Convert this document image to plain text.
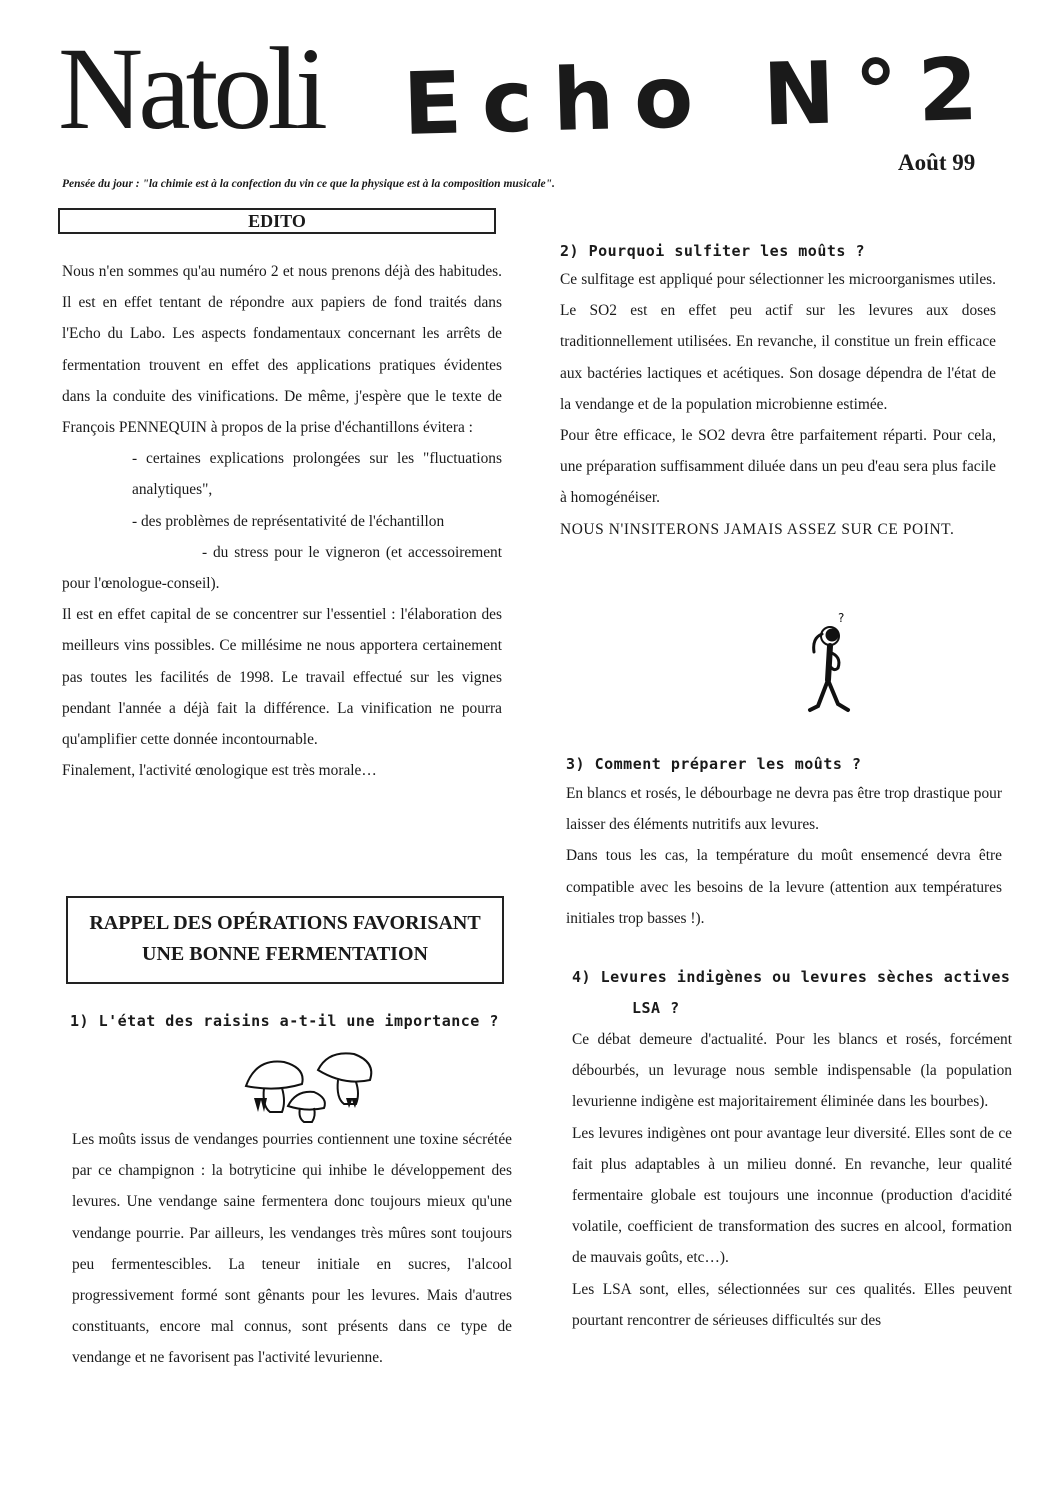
Natoli Echo N°2
Août 99
Pensée du jour : "la chimie est à la confection du vin ce que la physique est à la composition musicale".
EDITO

Nous n'en sommes qu'au numéro 2 et nous prenons déjà des habitudes. Il est en effet tentant de répondre aux papiers de fond traités dans l'Echo du Labo. Les aspects fondamentaux concernant les arrêts de fermentation trouvent en effet des applications pratiques évidentes dans la conduite des vinifications. De même, j'espère que le texte de François PENNEQUIN à propos de la prise d'échantillons évitera :

- certaines explications prolongées sur les "fluctuations analytiques",

- des problèmes de représentativité de l'échantillon

- du stress pour le vigneron (et accessoirement pour l'œnologue-conseil).

Il est en effet capital de se concentrer sur l'essentiel : l'élaboration des meilleurs vins possibles. Ce millésime ne nous apportera certainement pas toutes les facilités de 1998. Le travail effectué sur les vignes pendant l'année a déjà fait la différence. La vinification ne pourra qu'amplifier cette donnée incontournable.

Finalement, l'activité œnologique est très morale…

RAPPEL DES OPÉRATIONS FAVORISANT
UNE BONNE FERMENTATION
1) L'état des raisins a-t-il une importance ?

Les moûts issus de vendanges pourries contiennent une toxine sécrétée par ce champignon : la botryticine qui inhibe le développement des levures. Une vendange saine fermentera donc toujours mieux qu'une vendange pourrie. Par ailleurs, les vendanges très mûres sont toujours peu fermentescibles. La teneur initiale en sucres, l'alcool progressivement formé sont gênants pour les levures. Mais d'autres constituants, encore mal connus, sont présents dans ce type de vendange et ne favorisent pas l'activité levurienne.

2) Pourquoi sulfiter les moûts ?

Ce sulfitage est appliqué pour sélectionner les microorganismes utiles. Le SO2 est en effet peu actif sur les levures aux doses traditionnellement utilisées. En revanche, il constitue un frein efficace aux bactéries lactiques et acétiques. Son dosage dépendra de l'état de la vendange et de la population microbienne estimée.

Pour être efficace, le SO2 devra être parfaitement réparti. Pour cela, une préparation suffisamment diluée dans un peu d'eau sera plus facile à homogénéiser.

NOUS N'INSITERONS JAMAIS ASSEZ SUR CE POINT.

?
3) Comment préparer les moûts ?

En blancs et rosés, le débourbage ne devra pas être trop drastique pour laisser des éléments nutritifs aux levures.

Dans tous les cas, la température du moût ensemencé devra être compatible avec les besoins de la levure (attention aux températures initiales trop basses !).

4) Levures indigènes ou levures sèches actives
LSA ?

Ce débat demeure d'actualité. Pour les blancs et rosés, forcément débourbés, un levurage nous semble indispensable (la population levurienne indigène est majoritairement éliminée dans les bourbes).

Les levures indigènes ont pour avantage leur diversité. Elles sont de ce fait plus adaptables à un milieu donné. En revanche, leur qualité fermentaire globale est toujours une inconnue (production d'acidité volatile, coefficient de transformation des sucres en alcool, formation de mauvais goûts, etc…).

Les LSA sont, elles, sélectionnées sur ces qualités. Elles peuvent pourtant rencontrer de sérieuses difficultés sur des
